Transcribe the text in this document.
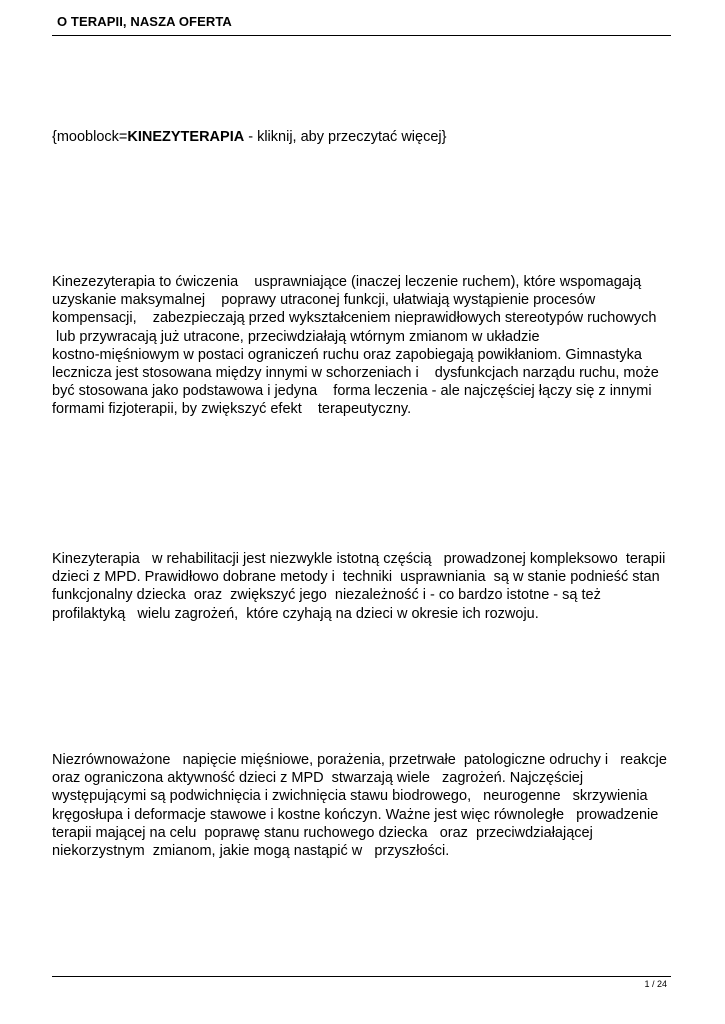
O TERAPII, NASZA OFERTA
{mooblock=KINEZYTERAPIA - kliknij, aby przeczytać więcej}

Kinezezyterapia to ćwiczenia    usprawniające (inaczej leczenie ruchem), które wspomagają
uzyskanie maksymalnej    poprawy utraconej funkcji, ułatwiają wystąpienie procesów
kompensacji,    zabezpieczają przed wykształceniem nieprawidłowych stereotypów ruchowych
lub przywracają już utracone, przeciwdziałają wtórnym zmianom w układzie
kostno-mięśniowym w postaci ograniczeń ruchu oraz zapobiegają powikłaniom. Gimnastyka
lecznicza jest stosowana między innymi w schorzeniach i    dysfunkcjach narządu ruchu, może
być stosowana jako podstawowa i jedyna    forma leczenia - ale najczęściej łączy się z innymi
formami fizjoterapii, by zwiększyć efekt    terapeutyczny.

Kinezyterapia   w rehabilitacji jest niezwykle istotną częścią   prowadzonej kompleksowo  terapii
dzieci z MPD. Prawidłowo dobrane metody i  techniki  usprawniania  są w stanie podnieść stan
funkcjonalny dziecka  oraz  zwiększyć jego  niezależność i - co bardzo istotne - są też
profilaktyką   wielu zagrożeń,  które czyhają na dzieci w okresie ich rozwoju.

Niezrównoważone   napięcie mięśniowe, porażenia, przetrwałe  patologiczne odruchy i   reakcje
oraz ograniczona aktywność dzieci z MPD  stwarzają wiele   zagrożeń. Najczęściej
występującymi są podwichnięcia i zwichnięcia stawu biodrowego,   neurogenne   skrzywienia
kręgosłupa i deformacje stawowe i kostne kończyn. Ważne jest więc równoległe   prowadzenie
terapii mającej na celu  poprawę stanu ruchowego dziecka   oraz  przeciwdziałającej
niekorzystnym  zmianom, jakie mogą nastąpić w   przyszłości.

1 / 24
